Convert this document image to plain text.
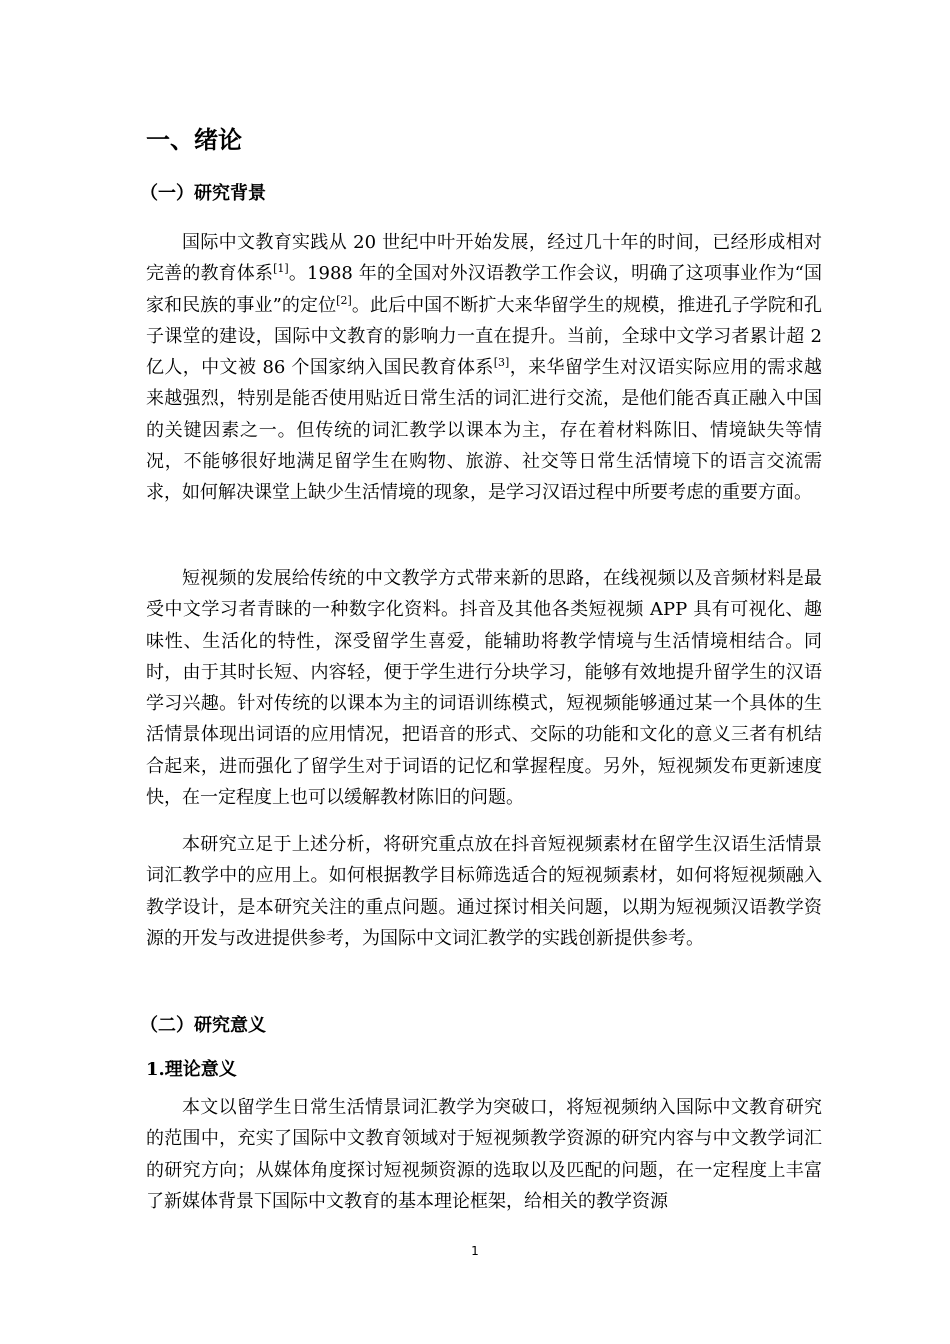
一、绪论
（一）研究背景

国际中文教育实践从 20 世纪中叶开始发展，经过几十年的时间，已经形成相对完善的教育体系[1]。1988 年的全国对外汉语教学工作会议，明确了这项事业作为“国家和民族的事业”的定位[2]。此后中国不断扩大来华留学生的规模，推进孔子学院和孔子课堂的建设，国际中文教育的影响力一直在提升。当前，全球中文学习者累计超 2 亿人，中文被 86 个国家纳入国民教育体系[3]，来华留学生对汉语实际应用的需求越来越强烈，特别是能否使用贴近日常生活的词汇进行交流，是他们能否真正融入中国的关键因素之一。但传统的词汇教学以课本为主，存在着材料陈旧、情境缺失等情况，不能够很好地满足留学生在购物、旅游、社交等日常生活情境下的语言交流需求，如何解决课堂上缺少生活情境的现象，是学习汉语过程中所要考虑的重要方面。

短视频的发展给传统的中文教学方式带来新的思路，在线视频以及音频材料是最受中文学习者青睐的一种数字化资料。抖音及其他各类短视频 APP 具有可视化、趣味性、生活化的特性，深受留学生喜爱，能辅助将教学情境与生活情境相结合。同时，由于其时长短、内容轻，便于学生进行分块学习，能够有效地提升留学生的汉语学习兴趣。针对传统的以课本为主的词语训练模式，短视频能够通过某一个具体的生活情景体现出词语的应用情况，把语音的形式、交际的功能和文化的意义三者有机结合起来，进而强化了留学生对于词语的记忆和掌握程度。另外，短视频发布更新速度快，在一定程度上也可以缓解教材陈旧的问题。

本研究立足于上述分析，将研究重点放在抖音短视频素材在留学生汉语生活情景词汇教学中的应用上。如何根据教学目标筛选适合的短视频素材，如何将短视频融入教学设计，是本研究关注的重点问题。通过探讨相关问题，以期为短视频汉语教学资源的开发与改进提供参考，为国际中文词汇教学的实践创新提供参考。

（二）研究意义
1.理论意义

本文以留学生日常生活情景词汇教学为突破口，将短视频纳入国际中文教育研究的范围中，充实了国际中文教育领域对于短视频教学资源的研究内容与中文教学词汇的研究方向；从媒体角度探讨短视频资源的选取以及匹配的问题，在一定程度上丰富了新媒体背景下国际中文教育的基本理论框架，给相关的教学资源

1
